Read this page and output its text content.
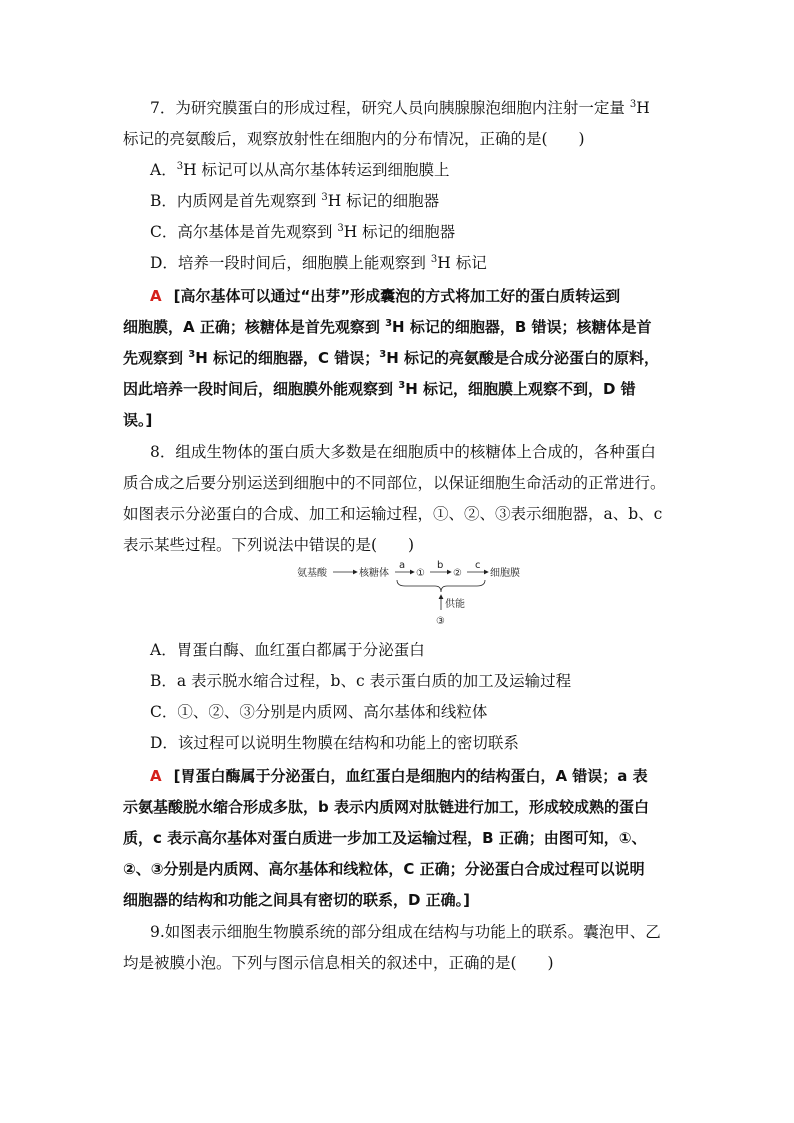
7．为研究膜蛋白的形成过程，研究人员向胰腺腺泡细胞内注射一定量 $^3$H
标记的亮氨酸后，观察放射性在细胞内的分布情况，正确的是(　　)
A．$^3$H 标记可以从高尔基体转运到细胞膜上
B．内质网是首先观察到 $^3$H 标记的细胞器
C．高尔基体是首先观察到 $^3$H 标记的细胞器
D．培养一段时间后，细胞膜上能观察到 $^3$H 标记
A [高尔基体可以通过“出芽”形成囊泡的方式将加工好的蛋白质转运到
细胞膜，A 正确；核糖体是首先观察到 $^3$H 标记的细胞器，B 错误；核糖体是首
先观察到 $^3$H 标记的细胞器，C 错误；$^3$H 标记的亮氨酸是合成分泌蛋白的原料，
因此培养一段时间后，细胞膜外能观察到 $^3$H 标记，细胞膜上观察不到，D 错
误。]
8．组成生物体的蛋白质大多数是在细胞质中的核糖体上合成的，各种蛋白
质合成之后要分别运送到细胞中的不同部位，以保证细胞生命活动的正常进行。
如图表示分泌蛋白的合成、加工和运输过程，①、②、③表示细胞器，a、b、c
表示某些过程。下列说法中错误的是(　　)
氨基酸	核糖体
a
①
b
②
c
细胞膜
供能
③
A．胃蛋白酶、血红蛋白都属于分泌蛋白
B．a 表示脱水缩合过程，b、c 表示蛋白质的加工及运输过程
C．①、②、③分别是内质网、高尔基体和线粒体
D．该过程可以说明生物膜在结构和功能上的密切联系
A [胃蛋白酶属于分泌蛋白，血红蛋白是细胞内的结构蛋白，A 错误；a 表
示氨基酸脱水缩合形成多肽，b 表示内质网对肽链进行加工，形成较成熟的蛋白
质，c 表示高尔基体对蛋白质进一步加工及运输过程，B 正确；由图可知，①、
②、③分别是内质网、高尔基体和线粒体，C 正确；分泌蛋白合成过程可以说明
细胞器的结构和功能之间具有密切的联系，D 正确。]
9.如图表示细胞生物膜系统的部分组成在结构与功能上的联系。囊泡甲、乙
均是被膜小泡。下列与图示信息相关的叙述中，正确的是(　　)
